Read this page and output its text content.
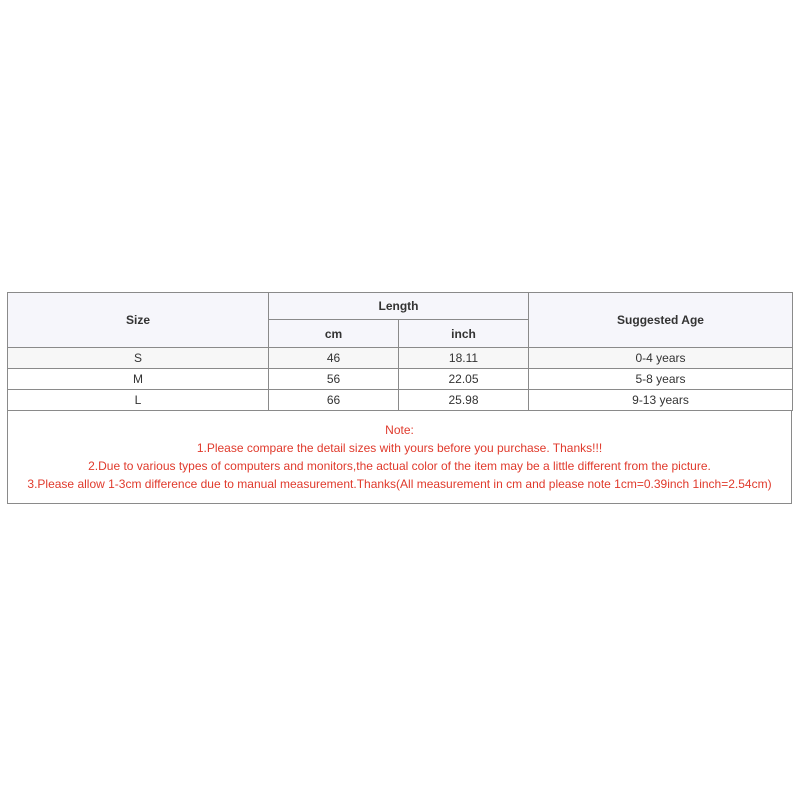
Size	Length		Suggested Age
	cm	inch	
S	46	18.11	0-4 years
M	56	22.05	5-8 years
L	66	25.98	9-13 years
Note:
1.Please compare the detail sizes with yours before you purchase. Thanks!!!
2.Due to various types of computers and monitors,the actual color of the item may be a little different from the picture.
3.Please allow 1-3cm difference due to manual measurement.Thanks(All measurement in cm and please note 1cm=0.39inch 1inch=2.54cm)
